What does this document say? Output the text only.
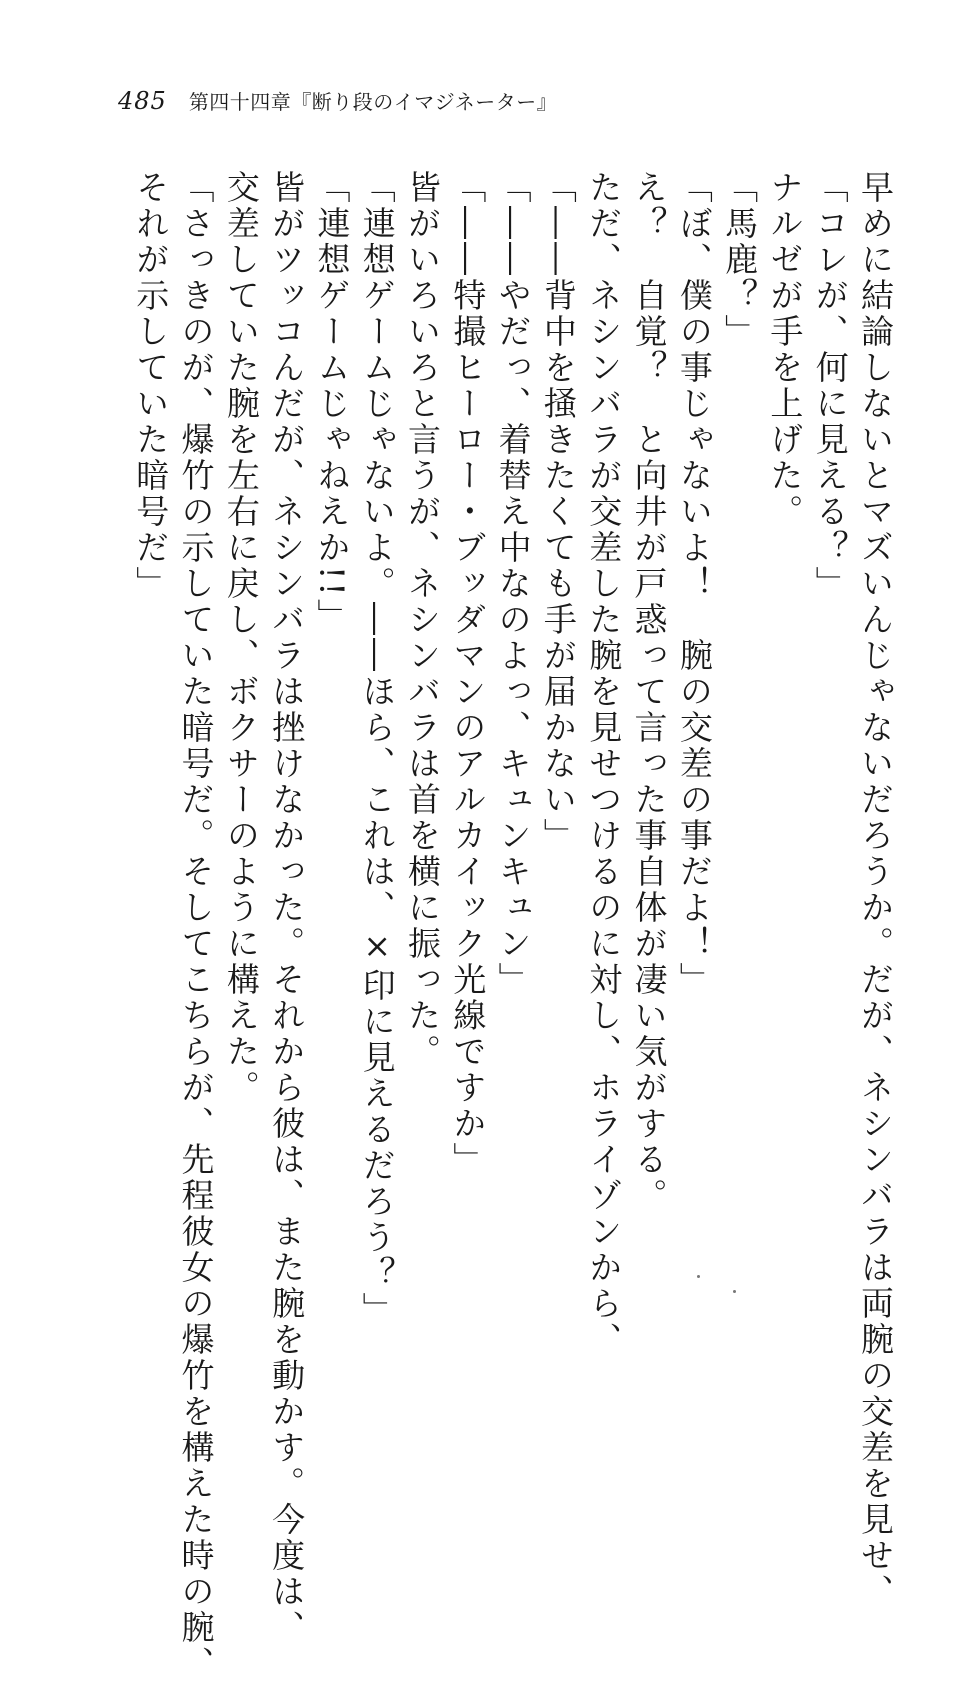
485 第四十四章『断り段のイマジネーター』
早めに結論しないとマズいんじゃないだろうか。だが、ネシンバラは両腕の交差を見せ、
「コレが、何に見える？」
ナルゼが手を上げた。
「馬鹿？」
「ぼ、僕の事じゃないよ！　腕の交差の事だよ！」
え？　自覚？　と向井が戸惑って言った事自体が凄い気がする。
ただ、ネシンバラが交差した腕を見せつけるのに対し、ホライゾンから、
「――背中を掻きたくても手が届かない」
「――やだっ、着替え中なのよっ、キュンキュン」
「――特撮ヒーロー・ブッダマンのアルカイック光線ですか」
皆がいろいろと言うが、ネシンバラは首を横に振った。
「連想ゲームじゃないよ。――ほら、これは、×印に見えるだろう？」
「連想ゲームじゃねえか!!」
皆がツッコんだが、ネシンバラは挫けなかった。それから彼は、また腕を動かす。今度は、
交差していた腕を左右に戻し、ボクサーのように構えた。
「さっきのが、爆竹の示していた暗号だ。そしてこちらが、先程彼女の爆竹を構えた時の腕、
それが示していた暗号だ」
